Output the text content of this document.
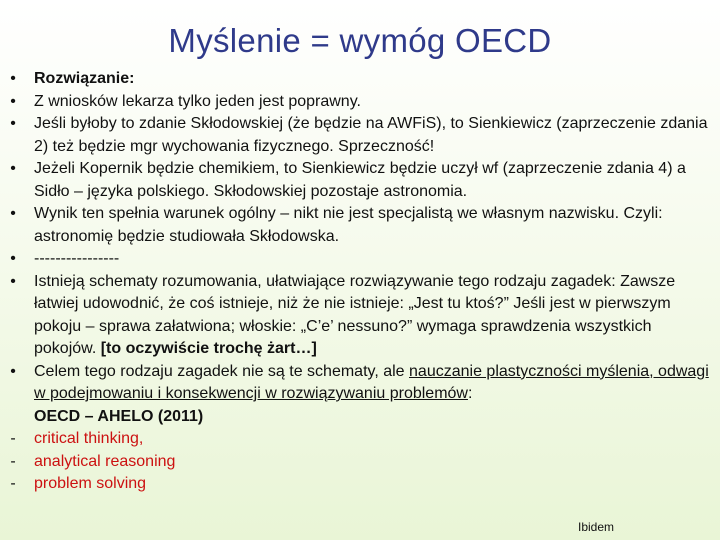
Myślenie = wymóg OECD
• Rozwiązanie:
• Z wniosków lekarza tylko jeden jest poprawny.
• Jeśli byłoby to zdanie Skłodowskiej (że będzie na AWFiS), to Sienkiewicz (zaprzeczenie zdania 2) też będzie mgr wychowania fizycznego. Sprzeczność!
• Jeżeli Kopernik będzie chemikiem, to Sienkiewicz będzie uczył wf (zaprzeczenie zdania 4) a Sidło – języka polskiego. Skłodowskiej pozostaje astronomia.
• Wynik ten spełnia warunek ogólny – nikt nie jest specjalistą we własnym nazwisku. Czyli: astronomię będzie studiowała Skłodowska.
• ----------------
• Istnieją schematy rozumowania, ułatwiające rozwiązywanie tego rodzaju zagadek: Zawsze łatwiej udowodnić, że coś istnieje, niż że nie istnieje: „Jest tu ktoś?” Jeśli jest w pierwszym pokoju – sprawa załatwiona; włoskie: „C’e’ nessuno?” wymaga sprawdzenia wszystkich pokojów. [to oczywiście trochę żart…]
• Celem tego rodzaju zagadek nie są te schematy, ale nauczanie plastyczności myślenia, odwagi w podejmowaniu i konsekwencji w rozwiązywaniu problemów:
OECD – AHELO (2011)
- critical thinking,
- analytical reasoning
- problem solving
Ibidem
